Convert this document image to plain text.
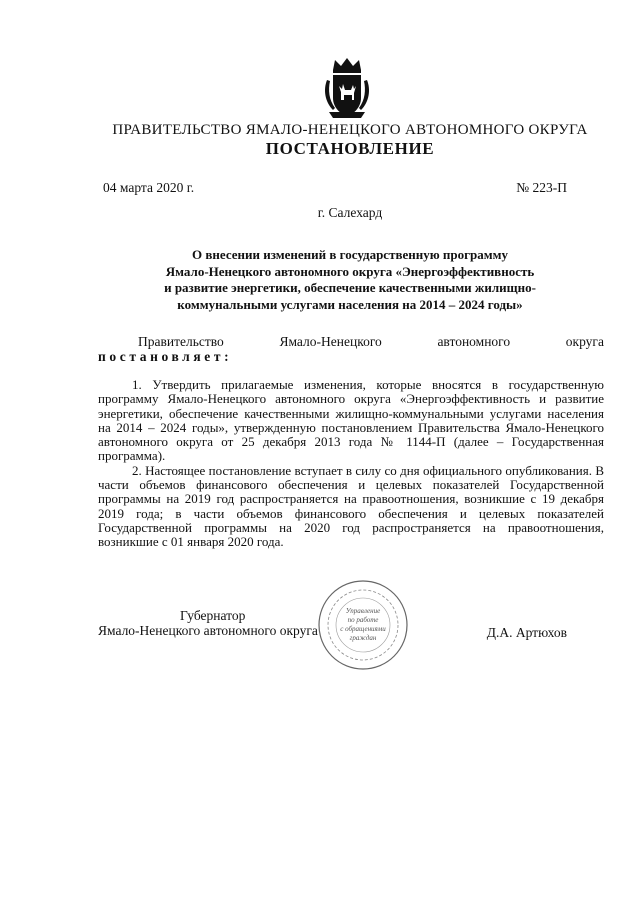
ПРАВИТЕЛЬСТВО ЯМАЛО-НЕНЕЦКОГО АВТОНОМНОГО ОКРУГА
ПОСТАНОВЛЕНИЕ
04 марта 2020 г.	№ 223-П
г. Салехард
О внесении изменений в государственную программу
Ямало-Ненецкого автономного округа «Энергоэффективность
и развитие энергетики, обеспечение качественными жилищно-
коммунальными услугами населения на 2014 – 2024 годы»
Правительство	Ямало-Ненецкого	автономного	округа
постановляет:

1. Утвердить прилагаемые изменения, которые вносятся в государственную программу Ямало-Ненецкого автономного округа «Энергоэффективность и развитие энергетики, обеспечение качественными жилищно-коммунальными услугами населения на 2014 – 2024 годы», утвержденную постановлением Правительства Ямало-Ненецкого автономного округа от 25 декабря 2013 года № 1144-П (далее – Государственная программа).

2. Настоящее постановление вступает в силу со дня официального опубликования. В части объемов финансового обеспечения и целевых показателей Государственной программы на 2019 год распространяется на правоотношения, возникшие с 19 декабря 2019 года; в части объемов финансового обеспечения и целевых показателей Государственной программы на 2020 год распространяется на правоотношения, возникшие с 01 января 2020 года.

Губернатор
Ямало-Ненецкого автономного округа
Управление
по работе
с обращениями
граждан	Д.А. Артюхов
